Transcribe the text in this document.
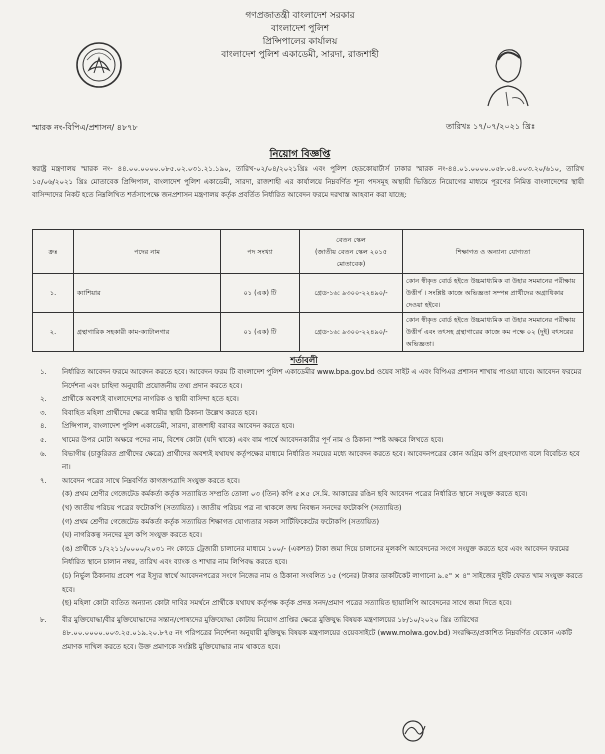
গণপ্রজাতন্ত্রী বাংলাদেশ সরকার
বাংলাদেশ পুলিশ
প্রিন্সিপালের কার্যালয়
বাংলাদেশ পুলিশ একাডেমী, সারদা, রাজশাহী
স্মারক নং-বিপিএ/প্রশাসন/ ৪৮৭৮	তারিখঃ ১৭/০৭/২০২১ খ্রিঃ
নিয়োগ বিজ্ঞপ্তি
স্বরাষ্ট্র মন্ত্রণালয় স্মারক নং- ৪৪.০০.০০০০.০৮৫.০২.০৩১.২১.১৯০, তারিখ-০২/০৪/২০২১খ্রিঃ এবং পুলিশ হেডকোয়ার্টার্স ঢাকার স্মারক নং-৪৪.০১.০০০০.০৫৮.০৪.০০৩.২০/৬১০, তারিখ ১৫/০৬/২০২১ খ্রিঃ মোতাবেক প্রিন্সিপাল, বাংলাদেশ পুলিশ একাডেমী, সারদা, রাজশাহী এর কার্যালয়ে নিম্নবর্ণিত শূন্য পদসমূহ অস্থায়ী ভিত্তিতে নিয়োগের মাধ্যমে পূরণের নিমিত্ত বাংলাদেশের স্থায়ী বাসিন্দাদের নিকট হতে নিম্নলিখিত শর্তসাপেক্ষে জনপ্রশাসন মন্ত্রণালয় কর্তৃক প্রবর্তিত নির্ধারিত আবেদন ফরমে দরখাস্ত আহবান করা যাচ্ছে:
ক্রঃ	পদের নাম	পদ সংখ্যা	বেতন স্কেল
(জাতীয় বেতন স্কেল ২০১৫
মোতাবেক)	শিক্ষাগত ও অন্যান্য যোগ্যতা
১.	ক্যাশিয়ার	০১ (এক) টি	গ্রেড-১৬: ৯৩০০-২২৪৯০/-	কোন স্বীকৃত বোর্ড হইতে উচ্চমাধ্যমিক বা উহার সমমানের পরীক্ষায় উত্তীর্ণ । সংশ্লিষ্ট কাজে অভিজ্ঞতা সম্পন্ন প্রার্থীদের অগ্রাধিকার দেওয়া হইবে।
২.	গ্রন্থাগারিক সহকারী কাম-ক্যাটালগার	০১ (এক) টি	গ্রেড-১৬: ৯৩০০-২২৪৯০/-	কোন স্বীকৃত বোর্ড হইতে উচ্চমাধ্যমিক বা উহার সমমানের পরীক্ষায় উত্তীর্ণ এবং তৎসহ গ্রন্থাগারের কাজে কম পক্ষে ০২ (দুই) বৎসরের অভিজ্ঞতা।
শর্তাবলী
১. নির্ধারিত আবেদন ফরমে আবেদন করতে হবে। আবেদন ফরম টি বাংলাদেশ পুলিশ একাডেমীর www.bpa.gov.bd ওয়েব সাইট এ এবং বিপিএর প্রশাসন শাখায় পাওয়া যাবে। আবেদন ফরমের নির্দেশনা এবং চাহিদা অনুযায়ী প্রয়োজনীয় তথ্য প্রদান করতে হবে।
২. প্রার্থীকে অবশ্যই বাংলাদেশের নাগরিক ও স্থায়ী বাসিন্দা হতে হবে।
৩. বিবাহিত মহিলা প্রার্থীদের ক্ষেত্রে স্বামীর স্থায়ী ঠিকানা উল্লেখ করতে হবে।
৪. প্রিন্সিপাল, বাংলাদেশ পুলিশ একাডেমী, সারদা, রাজশাহী বরাবর আবেদন করতে হবে।
৫. খামের উপর মোটা অক্ষরে পদের নাম, বিশেষ কোটা (যদি থাকে) এবং বাম পার্শ্বে আবেদনকারীর পূর্ণ নাম ও ঠিকানা স্পষ্ট অক্ষরে লিখতে হবে।
৬. বিভাগীয় (চাকুরিরত প্রার্থীদের ক্ষেত্রে) প্রার্থীদের অবশ্যই যথাযথ কর্তৃপক্ষের মাধ্যমে নির্ধারিত সময়ের মধ্যে আবেদন করতে হবে। আবেদনপত্রের কোন অগ্রিম কপি গ্রহণযোগ্য বলে বিবেচিত হবে না।
৭. আবেদন পত্রের সাথে নিম্নবর্ণিত কাগজপত্রাদি সংযুক্ত করতে হবে।
(ক) প্রথম শ্রেণীর গেজেটেড কর্মকর্তা কর্তৃক সত্যায়িত সম্প্রতি তোলা ০৩ (তিন) কপি ৫×৫ সে.মি. আকারের রঙিন ছবি আবেদন পত্রের নির্ধারিত স্থানে সংযুক্ত করতে হবে।
(খ) জাতীয় পরিচয় পত্রের ফটোকপি (সত্যায়িত) । জাতীয় পরিচয় পত্র না থাকলে জন্ম নিবন্ধন সনদের ফটোকপি (সত্যায়িত)
(গ) প্রথম শ্রেণীর গেজেটেড কর্মকর্তা কর্তৃক সত্যায়িত শিক্ষাগত যোগ্যতার সকল সার্টিফিকেটের ফটোকপি (সত্যায়িত)
(ঘ) নাগরিকত্ব সনদের মূল কপি সংযুক্ত করতে হবে।
(ঙ) প্রার্থীকে ১/২২১১/০০০০/২০৩১ নং কোডে ট্রেজারী চালানের মাধ্যমে ১০০/- (একশত) টাকা জমা দিয়ে চালানের মূলকপি আবেদনের সংগে সংযুক্ত করতে হবে এবং আবেদন ফরমের নির্ধারিত স্থানে চালান নম্বর, তারিখ এবং ব্যাংক ও শাখার নাম লিপিবদ্ধ করতে হবে।
(চ) নির্ভুল ঠিকানায় প্রবেশ পত্র ইস্যুর স্বার্থে আবেদনপত্রের সংগে নিজের নাম ও ঠিকানা সংবলিত ১৫ (পনের) টাকার ডাকটিকেট লাগানো ৯.৫" × ৪" সাইজের দুইটি ফেরত খাম সংযুক্ত করতে হবে।
(ছ) মহিলা কোটা ব্যতিত অন্যান্য কোটা দাবির সমর্থনে প্রার্থীকে যথাযথ কর্তৃপক্ষ কর্তৃক প্রদত্ত সনদ/প্রমাণ পত্রের সত্যায়িত ছায়ালিপি আবেদনের সাথে জমা দিতে হবে।
৮. বীর মুক্তিযোদ্ধা/বীর মুক্তিযোদ্ধাদের সন্তান/পোষ্যদের মুক্তিযোদ্ধা কোটায় নিয়োগ প্রাপ্তির ক্ষেত্রে মুক্তিযুদ্ধ বিষয়ক মন্ত্রণালয়ের ১৮/১০/২০২০ খ্রিঃ তারিখের ৪৮.০০.০০০০.০০৩.২৫.০১৯.২০.৮৭৫ নং পরিপত্রের নির্দেশনা অনুযায়ী মুক্তিযুদ্ধ বিষয়ক মন্ত্রণালয়ের ওয়েবসাইটে (www.molwa.gov.bd) সংরক্ষিত/প্রকাশিত নিম্নবর্ণিত যেকোন একটি প্রমাণক দাখিল করতে হবে। উক্ত প্রমাণকে সংশ্লিষ্ট মুক্তিযোদ্ধার নাম থাকতে হবে।
